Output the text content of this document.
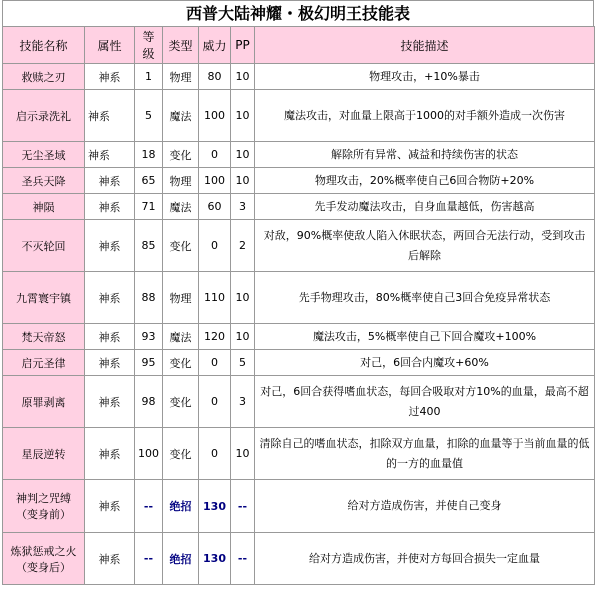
西普大陆神耀・极幻明王技能表
技能名称	属性	等级	类型	威力	PP	技能描述
救赎之刃	神系	1	物理	80	10	物理攻击，+10%暴击
启示录洗礼	神系	5	魔法	100	10	魔法攻击，对血量上限高于1000的对手额外造成一次伤害
无尘圣域	神系	18	变化	0	10	解除所有异常、减益和持续伤害的状态
圣兵天降	神系	65	物理	100	10	物理攻击，20%概率使自己6回合物防+20%
神陨	神系	71	魔法	60	3	先手发动魔法攻击，自身血量越低，伤害越高
不灭轮回	神系	85	变化	0	2	对敌，90%概率使敌人陷入休眠状态，两回合无法行动，受到攻击后解除
九霄寰宇镇	神系	88	物理	110	10	先手物理攻击，80%概率使自己3回合免疫异常状态
梵天帝怒	神系	93	魔法	120	10	魔法攻击，5%概率使自己下回合魔攻+100%
启元圣律	神系	95	变化	0	5	对己，6回合内魔攻+60%
原罪剥离	神系	98	变化	0	3	对己，6回合获得嗜血状态，每回合吸取对方10%的血量，最高不超过400
星辰逆转	神系	100	变化	0	10	清除自己的嗜血状态，扣除双方血量，扣除的血量等于当前血量的低的一方的血量值
神判之咒缚（变身前）	神系	--	绝招	130	--	给对方造成伤害，并使自己变身
炼狱惩戒之火（变身后）	神系	--	绝招	130	--	给对方造成伤害，并使对方每回合损失一定血量
